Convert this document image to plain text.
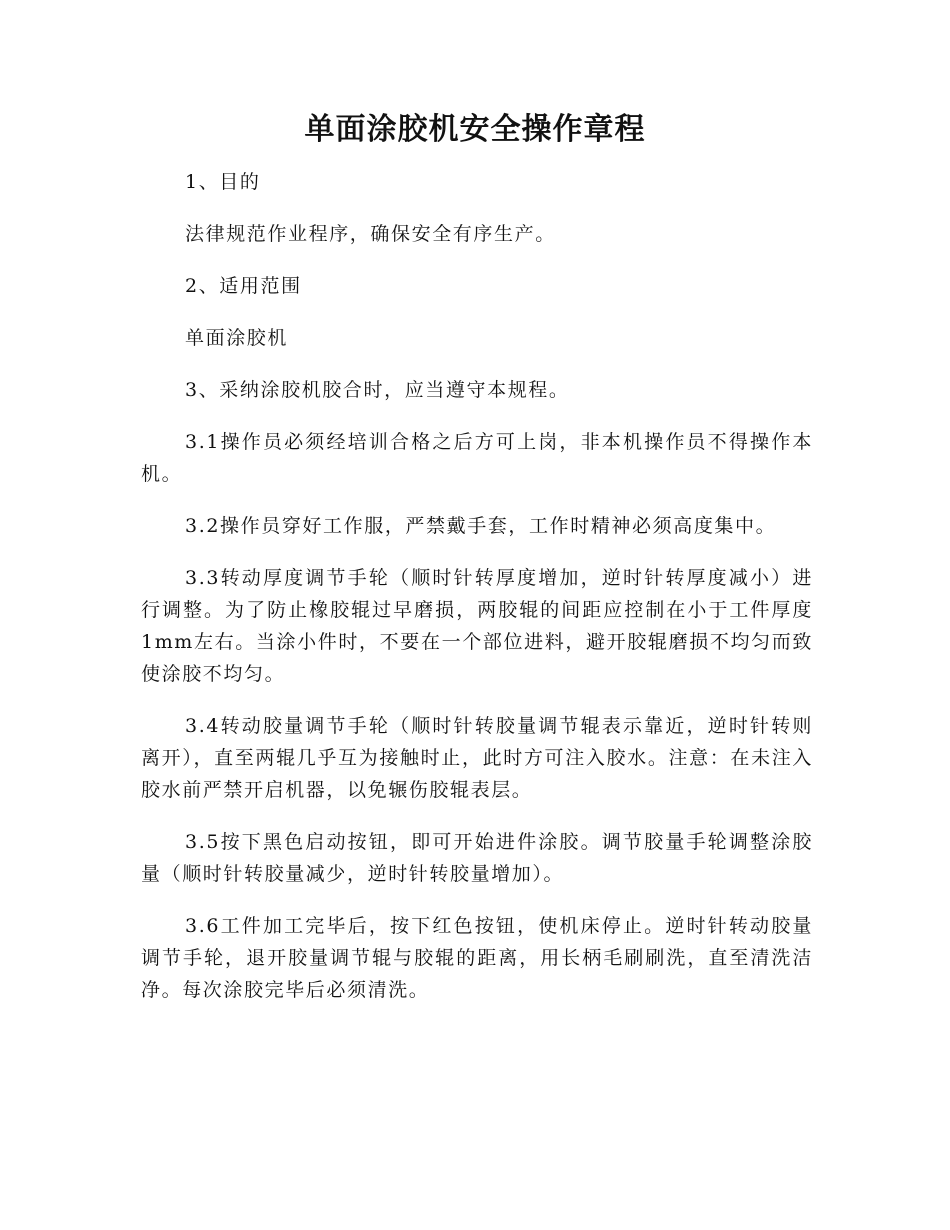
单面涂胶机安全操作章程

1、目的

法律规范作业程序，确保安全有序生产。

2、适用范围

单面涂胶机

3、采纳涂胶机胶合时，应当遵守本规程。

3.1操作员必须经培训合格之后方可上岗，非本机操作员不得操作本机。

3.2操作员穿好工作服，严禁戴手套，工作时精神必须高度集中。

3.3转动厚度调节手轮（顺时针转厚度增加，逆时针转厚度减小）进行调整。为了防止橡胶辊过早磨损，两胶辊的间距应控制在小于工件厚度1mm左右。当涂小件时，不要在一个部位进料，避开胶辊磨损不均匀而致使涂胶不均匀。

3.4转动胶量调节手轮（顺时针转胶量调节辊表示靠近，逆时针转则离开），直至两辊几乎互为接触时止，此时方可注入胶水。注意：在未注入胶水前严禁开启机器，以免辗伤胶辊表层。

3.5按下黑色启动按钮，即可开始进件涂胶。调节胶量手轮调整涂胶量（顺时针转胶量减少，逆时针转胶量增加）。

3.6工件加工完毕后，按下红色按钮，使机床停止。逆时针转动胶量调节手轮，退开胶量调节辊与胶辊的距离，用长柄毛刷刷洗，直至清洗洁净。每次涂胶完毕后必须清洗。
